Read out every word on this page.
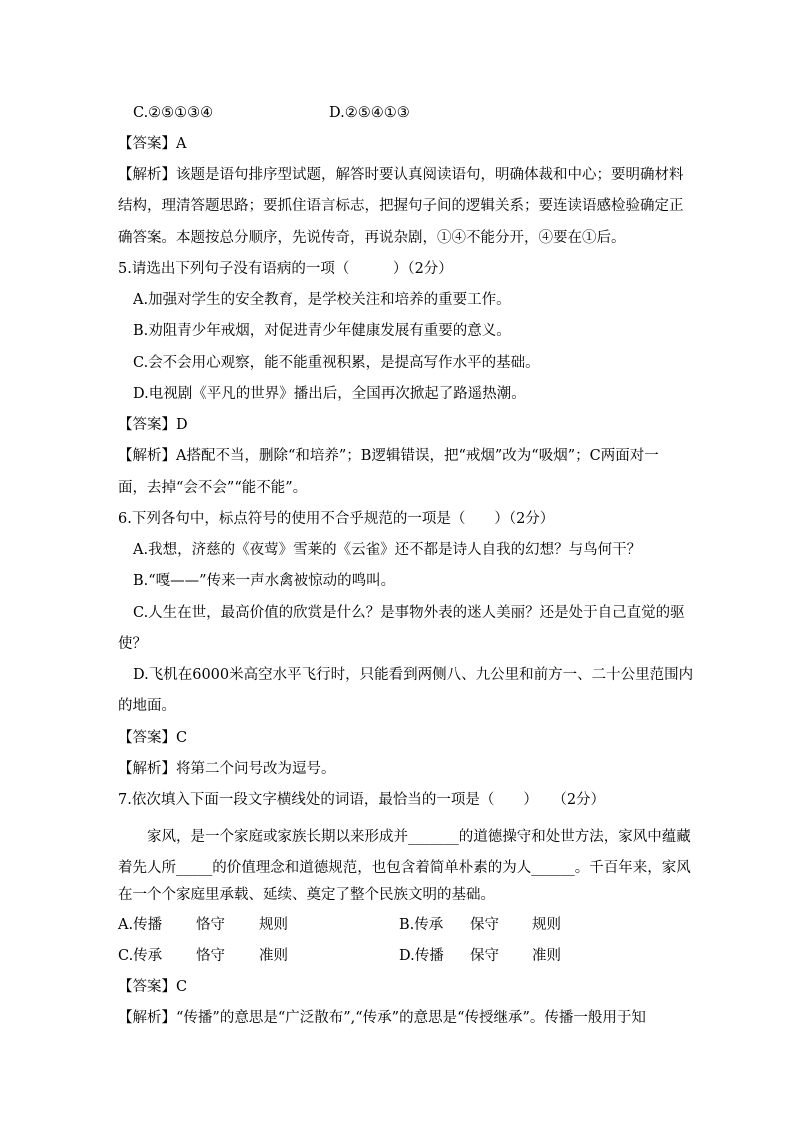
C.②⑤①③④	D.②⑤④①③
【答案】A
【解析】该题是语句排序型试题，解答时要认真阅读语句，明确体裁和中心；要明确材料
结构，理清答题思路；要抓住语言标志，把握句子间的逻辑关系；要连读语感检验确定正
确答案。本题按总分顺序，先说传奇，再说杂剧，①④不能分开，④要在①后。
5.请选出下列句子没有语病的一项（　　　）（2分）
A.加强对学生的安全教育，是学校关注和培养的重要工作。
B.劝阻青少年戒烟，对促进青少年健康发展有重要的意义。
C.会不会用心观察，能不能重视积累，是提高写作水平的基础。
D.电视剧《平凡的世界》播出后，全国再次掀起了路遥热潮。
【答案】D
【解析】A搭配不当，删除“和培养”；B逻辑错误，把“戒烟”改为“吸烟”；C两面对一
面，去掉“会不会”“能不能”。
6.下列各句中，标点符号的使用不合乎规范的一项是（　　）（2分）
A.我想，济慈的《夜莺》雪莱的《云雀》还不都是诗人自我的幻想？与鸟何干？
B.“嘎——”传来一声水禽被惊动的鸣叫。
C.人生在世，最高价值的欣赏是什么？是事物外表的迷人美丽？还是处于自己直觉的驱
使？
D.飞机在6000米高空水平飞行时，只能看到两侧八、九公里和前方一、二十公里范围内
的地面。
【答案】C
【解析】将第二个问号改为逗号。
7.依次填入下面一段文字横线处的词语，最恰当的一项是（　　）　　（2分）
家风，是一个家庭或家族长期以来形成并_______的道德操守和处世方法，家风中蕴藏
着先人所_____的价值理念和道德规范，也包含着简单朴素的为人______。千百年来，家风
在一个个家庭里承载、延续、奠定了整个民族文明的基础。
A.传播 恪守 规则	B.传承 保守 规则
C.传承 恪守 准则	D.传播 保守 准则
【答案】C
【解析】“传播”的意思是“广泛散布”,“传承”的意思是“传授继承”。传播一般用于知
